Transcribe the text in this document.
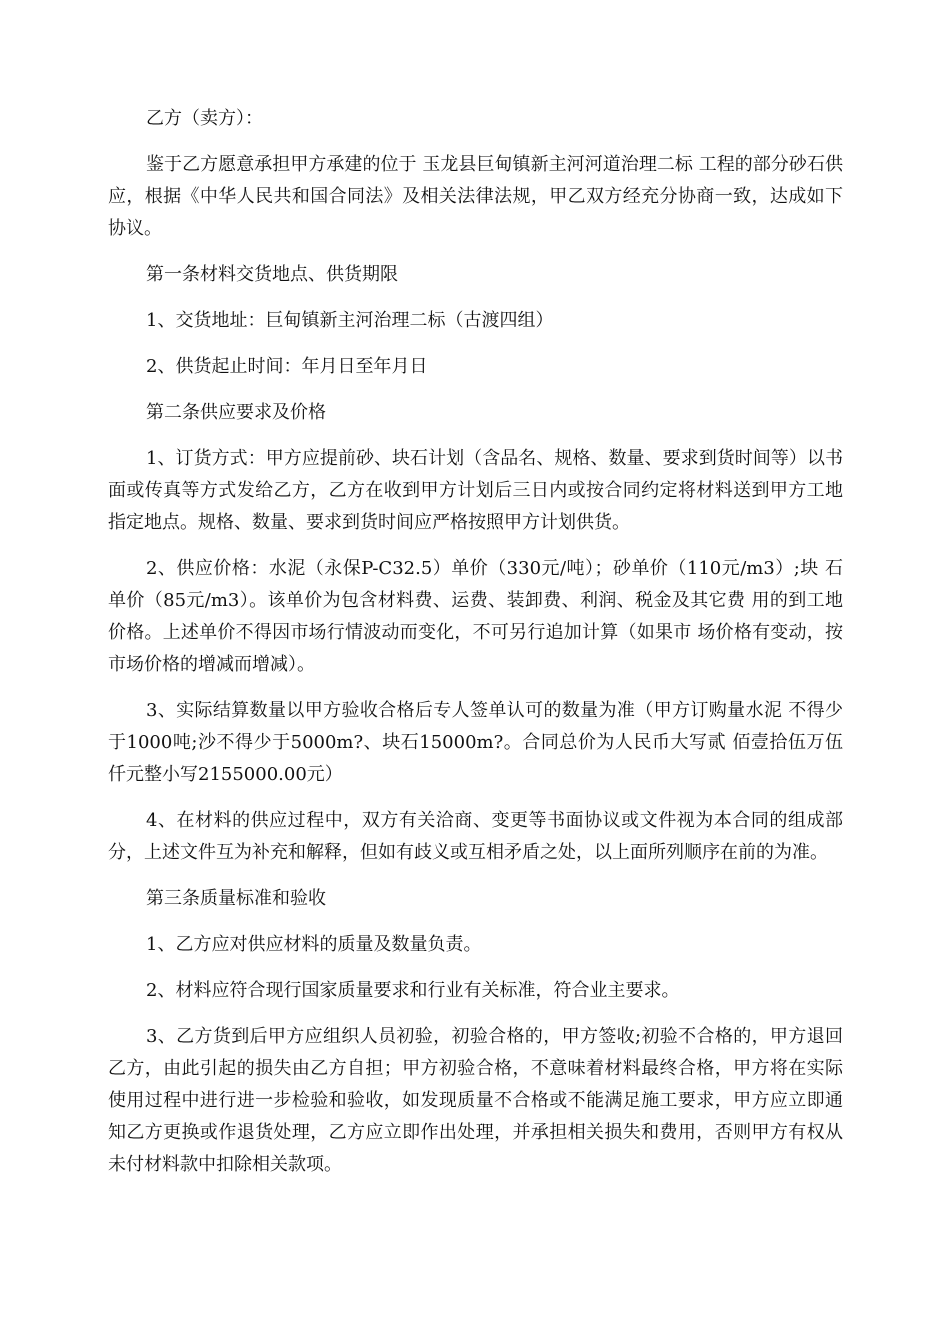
乙方（卖方）：

鉴于乙方愿意承担甲方承建的位于 玉龙县巨甸镇新主河河道治理二标 工程的部分砂石供应，根据《中华人民共和国合同法》及相关法律法规，甲乙双方经充分协商一致，达成如下协议。

第一条材料交货地点、供货期限

1、交货地址：巨甸镇新主河治理二标（古渡四组）

2、供货起止时间：年月日至年月日

第二条供应要求及价格

1、订货方式：甲方应提前砂、块石计划（含品名、规格、数量、要求到货时间等）以书面或传真等方式发给乙方，乙方在收到甲方计划后三日内或按合同约定将材料送到甲方工地指定地点。规格、数量、要求到货时间应严格按照甲方计划供货。

2、供应价格：水泥（永保P-C32.5）单价（330元/吨）；砂单价（110元/m3）;块 石单价（85元/m3）。该单价为包含材料费、运费、装卸费、利润、税金及其它费 用的到工地价格。上述单价不得因市场行情波动而变化，不可另行追加计算（如果市 场价格有变动，按市场价格的增减而增减）。

3、实际结算数量以甲方验收合格后专人签单认可的数量为准（甲方订购量水泥 不得少于1000吨;沙不得少于5000m?、块石15000m?。合同总价为人民币大写贰 佰壹拾伍万伍仟元整小写2155000.00元）

4、在材料的供应过程中，双方有关洽商、变更等书面协议或文件视为本合同的组成部分，上述文件互为补充和解释，但如有歧义或互相矛盾之处，以上面所列顺序在前的为准。

第三条质量标准和验收

1、乙方应对供应材料的质量及数量负责。

2、材料应符合现行国家质量要求和行业有关标准，符合业主要求。

3、乙方货到后甲方应组织人员初验，初验合格的，甲方签收;初验不合格的，甲方退回乙方，由此引起的损失由乙方自担；甲方初验合格，不意味着材料最终合格，甲方将在实际使用过程中进行进一步检验和验收，如发现质量不合格或不能满足施工要求，甲方应立即通知乙方更换或作退货处理，乙方应立即作出处理，并承担相关损失和费用，否则甲方有权从未付材料款中扣除相关款项。
